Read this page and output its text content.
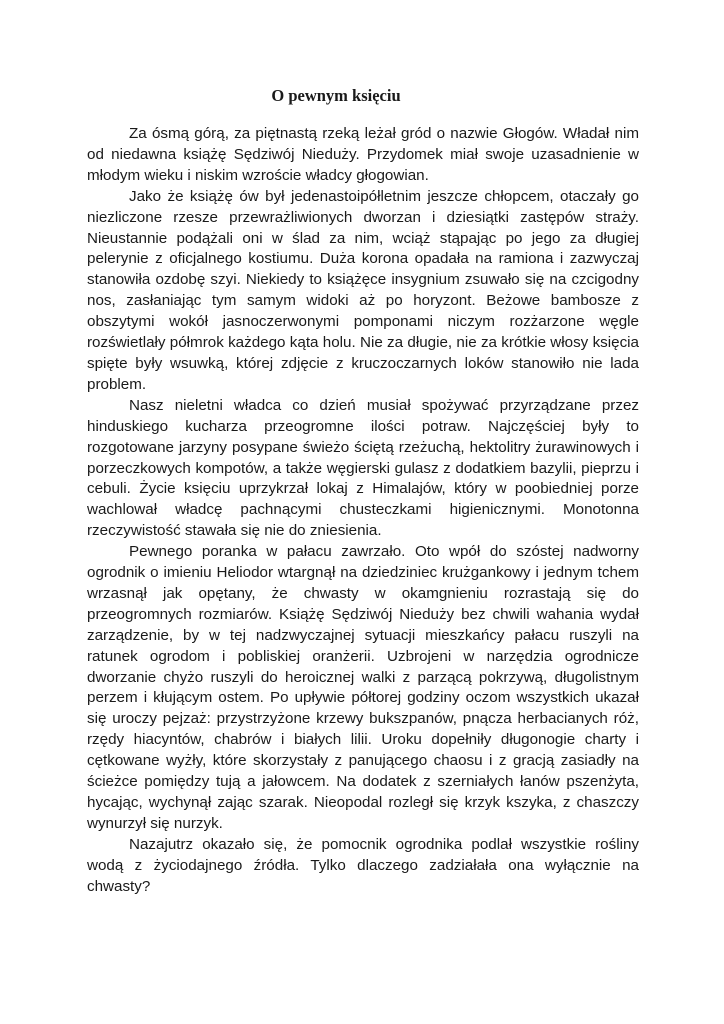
O pewnym księciu

Za ósmą górą, za piętnastą rzeką leżał gród o nazwie Głogów. Władał nim od niedawna książę Sędziwój Nieduży. Przydomek miał swoje uzasadnienie w młodym wieku i niskim wzroście władcy głogowian.

Jako że książę ów był jedenastoipółletnim jeszcze chłopcem, otaczały go niezliczone rzesze przewrażliwionych dworzan i dziesiątki zastępów straży. Nieustannie podążali oni w ślad za nim, wciąż stąpając po jego za długiej pelerynie z oficjalnego kostiumu. Duża korona opadała na ramiona i zazwyczaj stanowiła ozdobę szyi. Niekiedy to książęce insygnium zsuwało się na czcigodny nos, zasłaniając tym samym widoki aż po horyzont. Beżowe bambosze z obszytymi wokół jasnoczerwonymi pomponami niczym rozżarzone węgle rozświetlały półmrok każdego kąta holu. Nie za długie, nie za krótkie włosy księcia spięte były wsuwką, której zdjęcie z kruczoczarnych loków stanowiło nie lada problem.

Nasz nieletni władca co dzień musiał spożywać przyrządzane przez hinduskiego kucharza przeogromne ilości potraw. Najczęściej były to rozgotowane jarzyny posypane świeżo ściętą rzeżuchą, hektolitry żurawinowych i porzeczkowych kompotów, a także węgierski gulasz z dodatkiem bazylii, pieprzu i cebuli. Życie księciu uprzykrzał lokaj z Himalajów, który w poobiedniej porze wachlował władcę pachnącymi chusteczkami higienicznymi. Monotonna rzeczywistość stawała się nie do zniesienia.

Pewnego poranka w pałacu zawrzało. Oto wpół do szóstej nadworny ogrodnik o imieniu Heliodor wtargnął na dziedziniec krużgankowy i jednym tchem wrzasnął jak opętany, że chwasty w okamgnieniu rozrastają się do przeogromnych rozmiarów. Książę Sędziwój Nieduży bez chwili wahania wydał zarządzenie, by w tej nadzwyczajnej sytuacji mieszkańcy pałacu ruszyli na ratunek ogrodom i pobliskiej oranżerii. Uzbrojeni w narzędzia ogrodnicze dworzanie chyżo ruszyli do heroicznej walki z parzącą pokrzywą, długolistnym perzem i kłującym ostem. Po upływie półtorej godziny oczom wszystkich ukazał się uroczy pejzaż: przystrzyżone krzewy bukszpanów, pnącza herbacianych róż, rzędy hiacyntów, chabrów i białych lilii. Uroku dopełniły długonogie charty i cętkowane wyżły, które skorzystały z panującego chaosu i z gracją zasiadły na ścieżce pomiędzy tują a jałowcem. Na dodatek z szerniałych łanów pszenżyta, hycając, wychynął zając szarak. Nieopodal rozległ się krzyk kszyka, z chaszczy wynurzył się nurzyk.

Nazajutrz okazało się, że pomocnik ogrodnika podlał wszystkie rośliny wodą z życiodajnego źródła. Tylko dlaczego zadziałała ona wyłącznie na chwasty?
